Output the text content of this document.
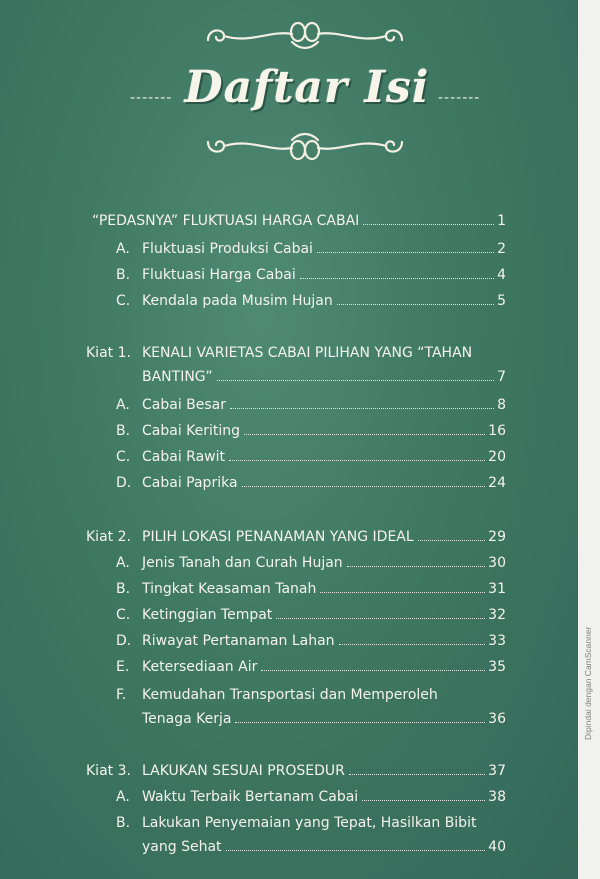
------- Daftar Isi -------
“PEDASNYA” FLUKTUASI HARGA CABAI	1
A. Fluktuasi Produksi Cabai	2
B. Fluktuasi Harga Cabai	4
C. Kendala pada Musim Hujan	5
Kiat 1. KENALI VARIETAS CABAI PILIHAN YANG “TAHAN
BANTING”	7
A. Cabai Besar	8
B. Cabai Keriting	16
C. Cabai Rawit	20
D. Cabai Paprika	24
Kiat 2. PILIH LOKASI PENANAMAN YANG IDEAL	29
A. Jenis Tanah dan Curah Hujan	30
B. Tingkat Keasaman Tanah	31
C. Ketinggian Tempat	32
D. Riwayat Pertanaman Lahan	33
E. Ketersediaan Air	35
F. Kemudahan Transportasi dan Memperoleh
Tenaga Kerja	36
Kiat 3. LAKUKAN SESUAI PROSEDUR	37
A. Waktu Terbaik Bertanam Cabai	38
B. Lakukan Penyemaian yang Tepat, Hasilkan Bibit
yang Sehat	40
Dipindai dengan CamScanner
